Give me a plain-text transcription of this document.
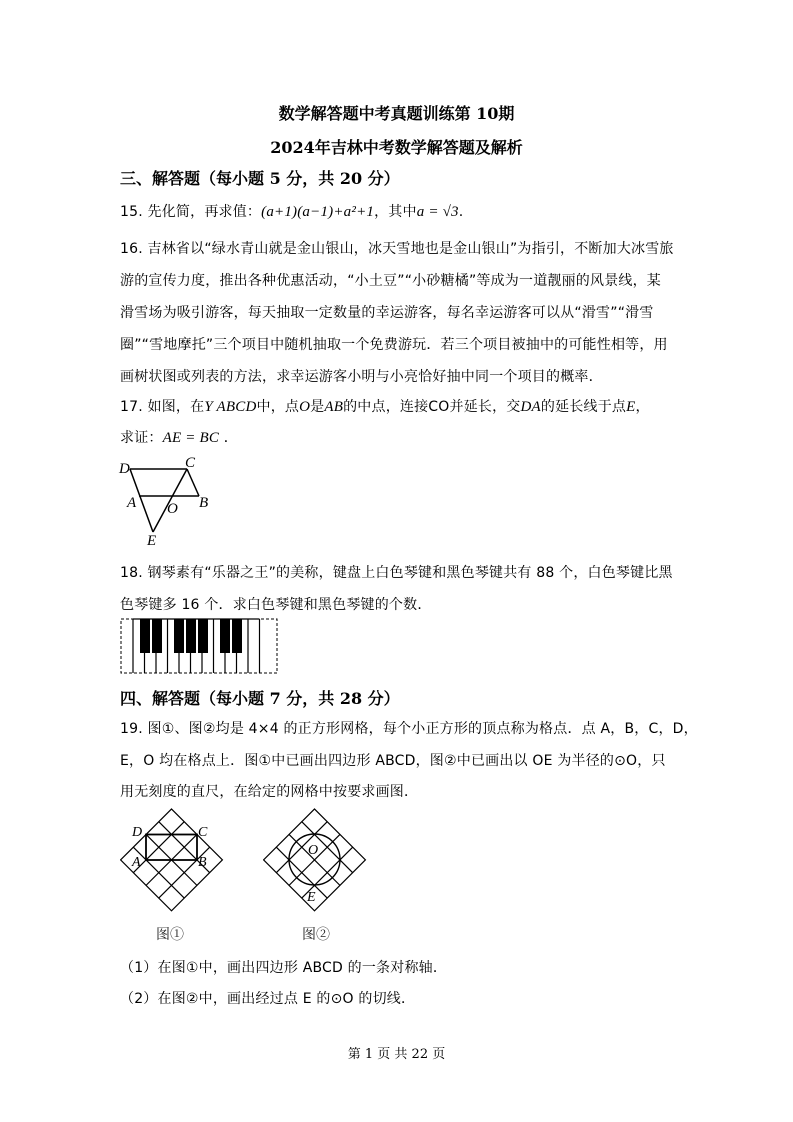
数学解答题中考真题训练第 10期
2024年吉林中考数学解答题及解析
三、解答题（每小题 5 分，共 20 分）
15. 先化简，再求值：(a+1)(a−1)+a²+1，其中a = √3.
16. 吉林省以“绿水青山就是金山银山，冰天雪地也是金山银山”为指引，不断加大冰雪旅
游的宣传力度，推出各种优惠活动，“小土豆”“小砂糖橘”等成为一道靓丽的风景线，某
滑雪场为吸引游客，每天抽取一定数量的幸运游客，每名幸运游客可以从“滑雪”“滑雪
圈”“雪地摩托”三个项目中随机抽取一个免费游玩．若三个项目被抽中的可能性相等，用
画树状图或列表的方法，求幸运游客小明与小亮恰好抽中同一个项目的概率．
17. 如图，在Y ABCD中，点O是AB的中点，连接CO并延长，交DA的延长线于点E，
求证：AE = BC ．
D	C
A O B
E
18. 钢琴素有“乐器之王”的美称，键盘上白色琴键和黑色琴键共有 88 个，白色琴键比黑
色琴键多 16 个．求白色琴键和黑色琴键的个数．
四、解答题（每小题 7 分，共 28 分）
19. 图①、图②均是 4×4 的正方形网格，每个小正方形的顶点称为格点．点 A，B，C，D，
E，O 均在格点上．图①中已画出四边形 ABCD，图②中已画出以 OE 为半径的⊙O，只
用无刻度的直尺，在给定的网格中按要求画图．
D	C
A	B
O
E
图①	图②
（1）在图①中，画出四边形 ABCD 的一条对称轴．
（2）在图②中，画出经过点 E 的⊙O 的切线．
第 1 页 共 22 页
